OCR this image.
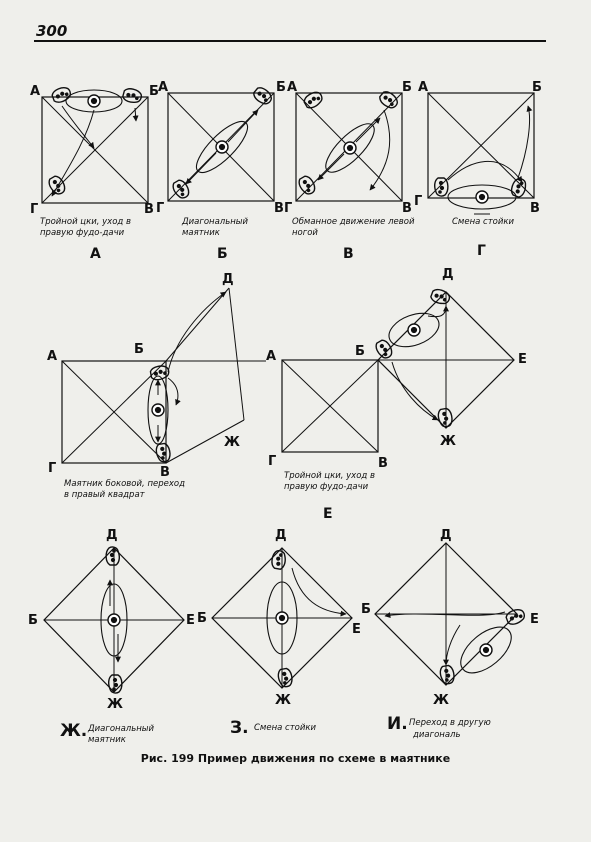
300
А	Б
В
Г
Тройной цки, уход в
правую фудо-дачи
А
А	Б
В
Г
Диагональный
маятник
Б
А	Б
В
Г
Обманное движение левой
ногой
В
А	Б
В
Г
Смена стойки
Г
А	Б
В
Г
Д
Ж
Маятник боковой, переход
в правый квадрат
А	Б
В
Г
Д
Е
Ж
Тройной цки, уход в
правую фудо-дачи
Е
Д
Б	Е
Ж
Ж. Диагональный
маятник
Д
Б
Е
Ж
З. Смена стойки
Д
Б
Е
Ж
И. Переход в другую
диагональ
Рис. 199 Пример движения по схеме в маятнике
